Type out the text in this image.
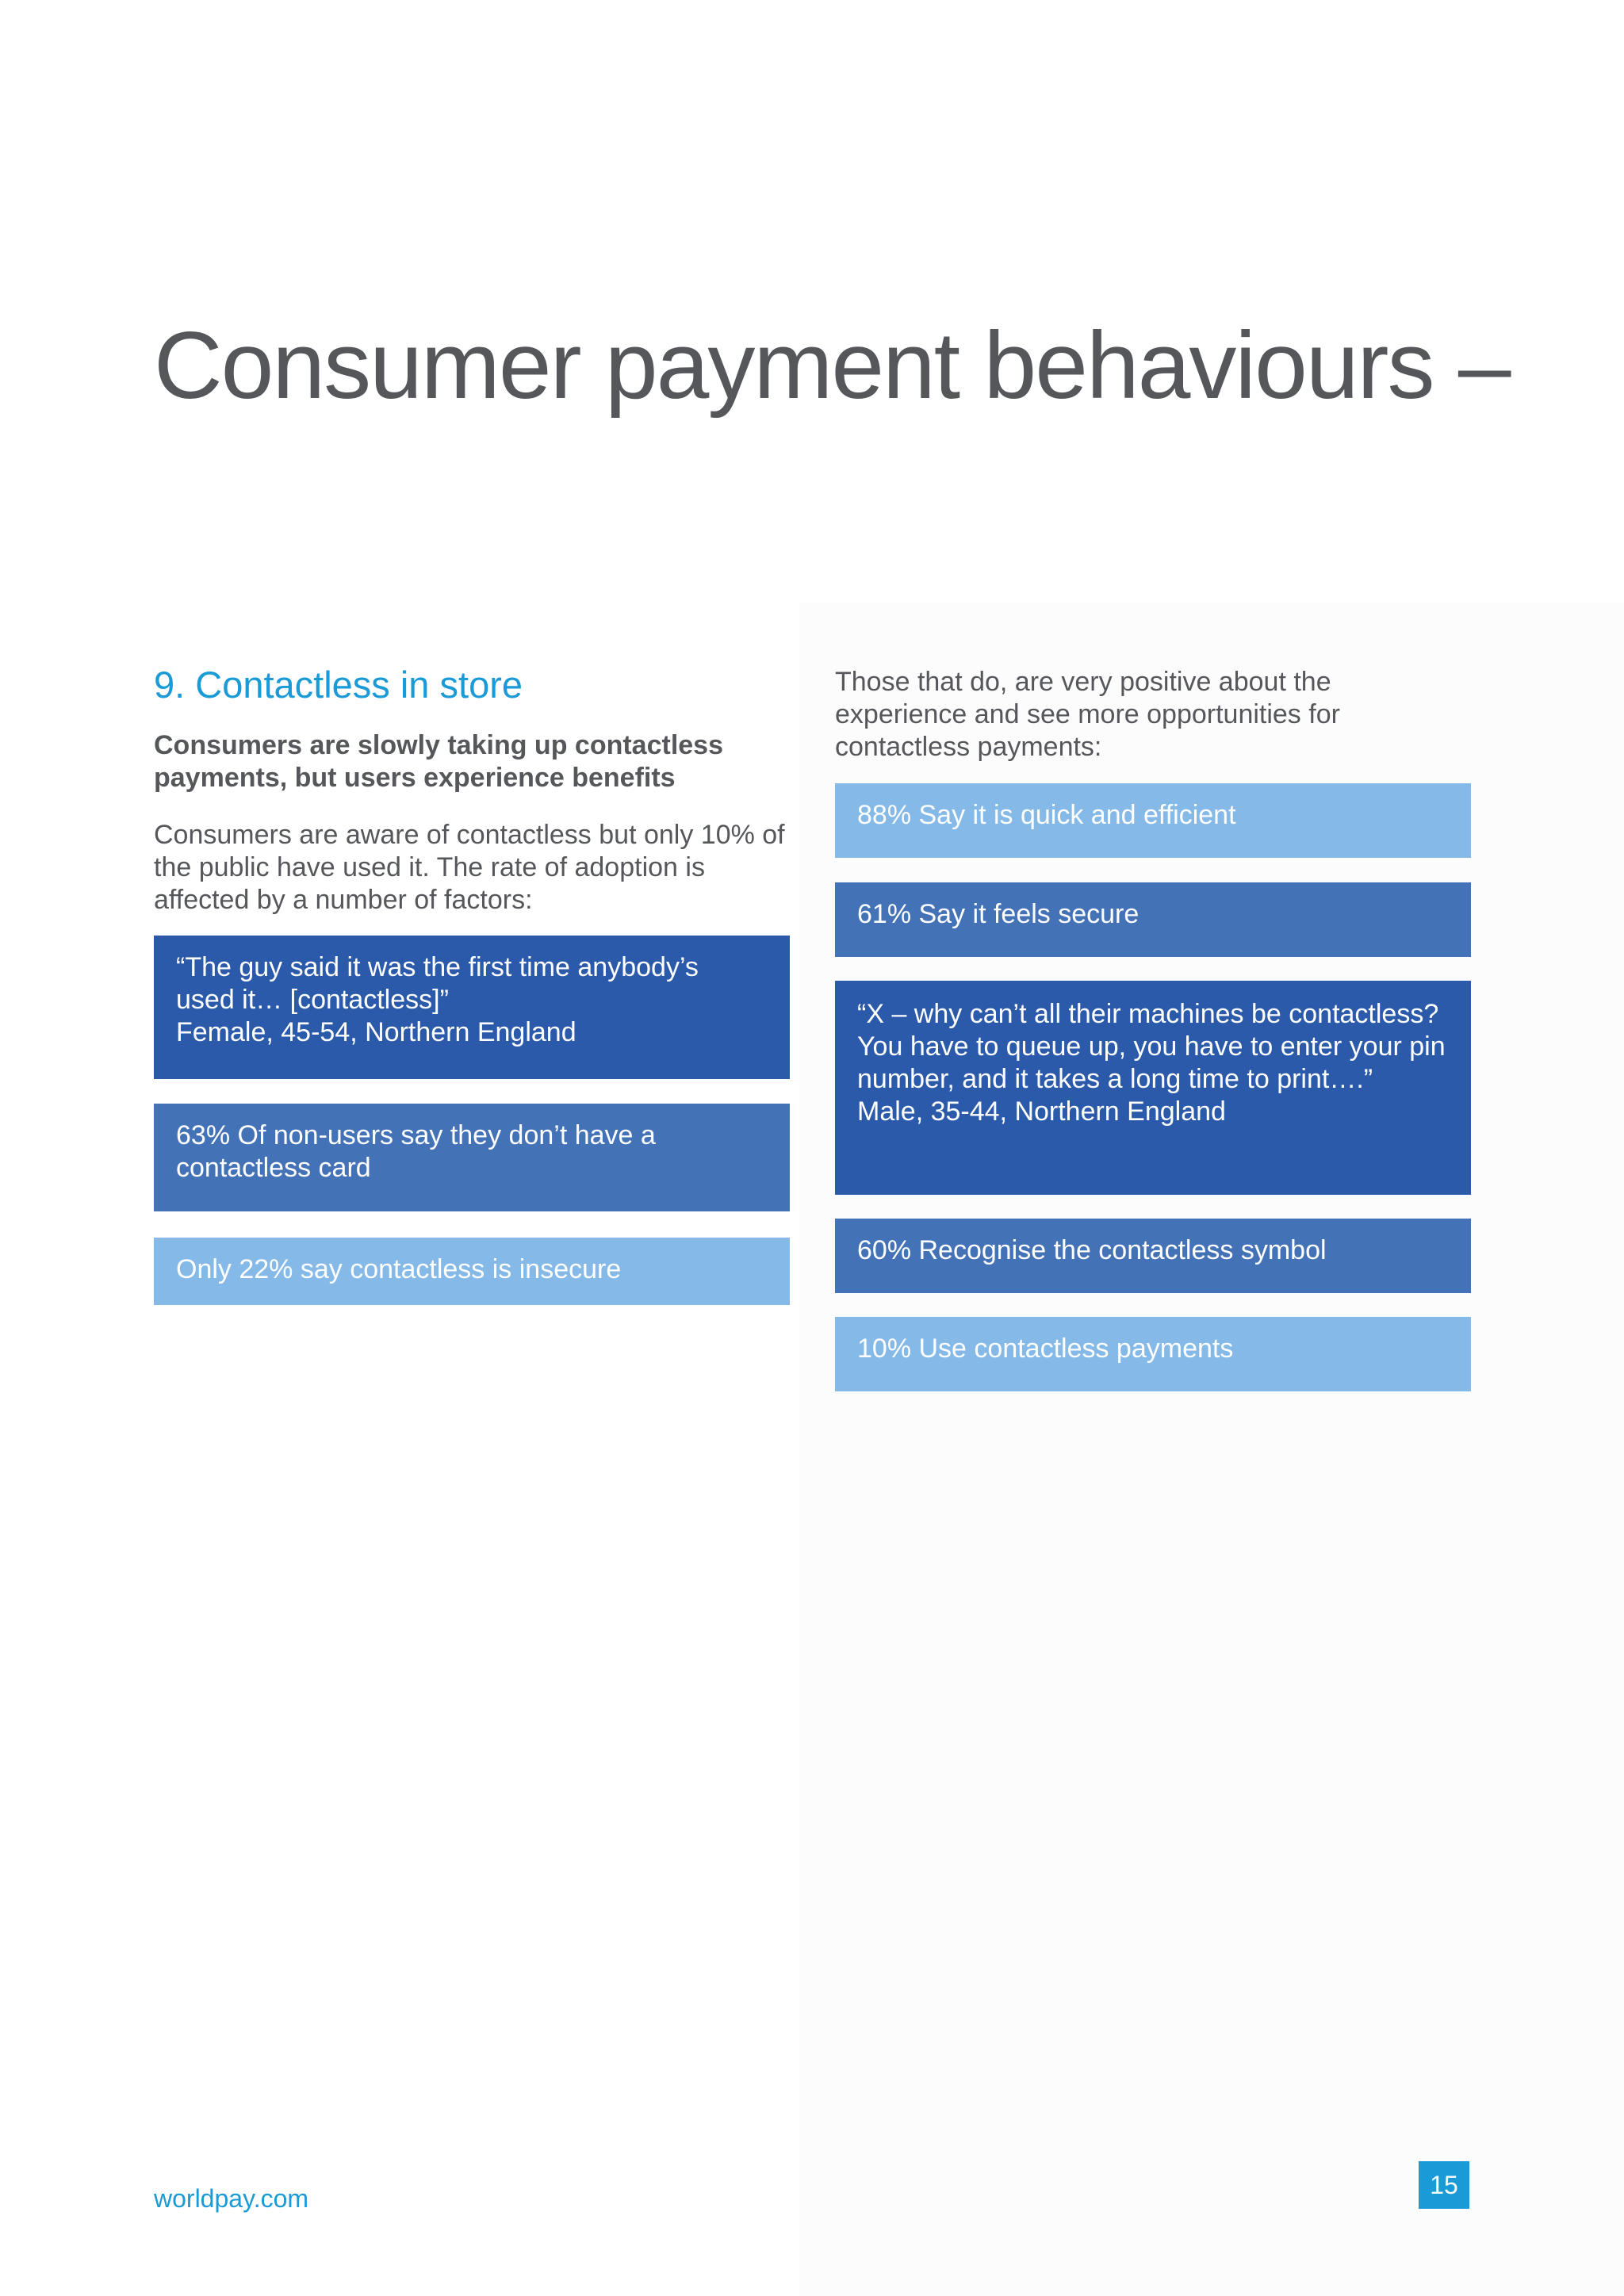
Consumer payment behaviours –
9. Contactless in store

Consumers are slowly taking up contactless payments, but users experience benefits

Consumers are aware of contactless but only 10% of the public have used it. The rate of adoption is affected by a number of factors:

Those that do, are very positive about the experience and see more opportunities for contactless payments:

“The guy said it was the first time anybody’s
used it… [contactless]”
Female, 45-54, Northern England
63% Of non-users say they don’t have a contactless card
Only 22% say contactless is insecure
88% Say it is quick and efficient
61% Say it feels secure
“X – why can’t all their machines be contactless? You have to queue up, you have to enter your pin number, and it takes a long time to print….”
Male, 35-44, Northern England
60% Recognise the contactless symbol
10% Use contactless payments

worldpay.com	15
